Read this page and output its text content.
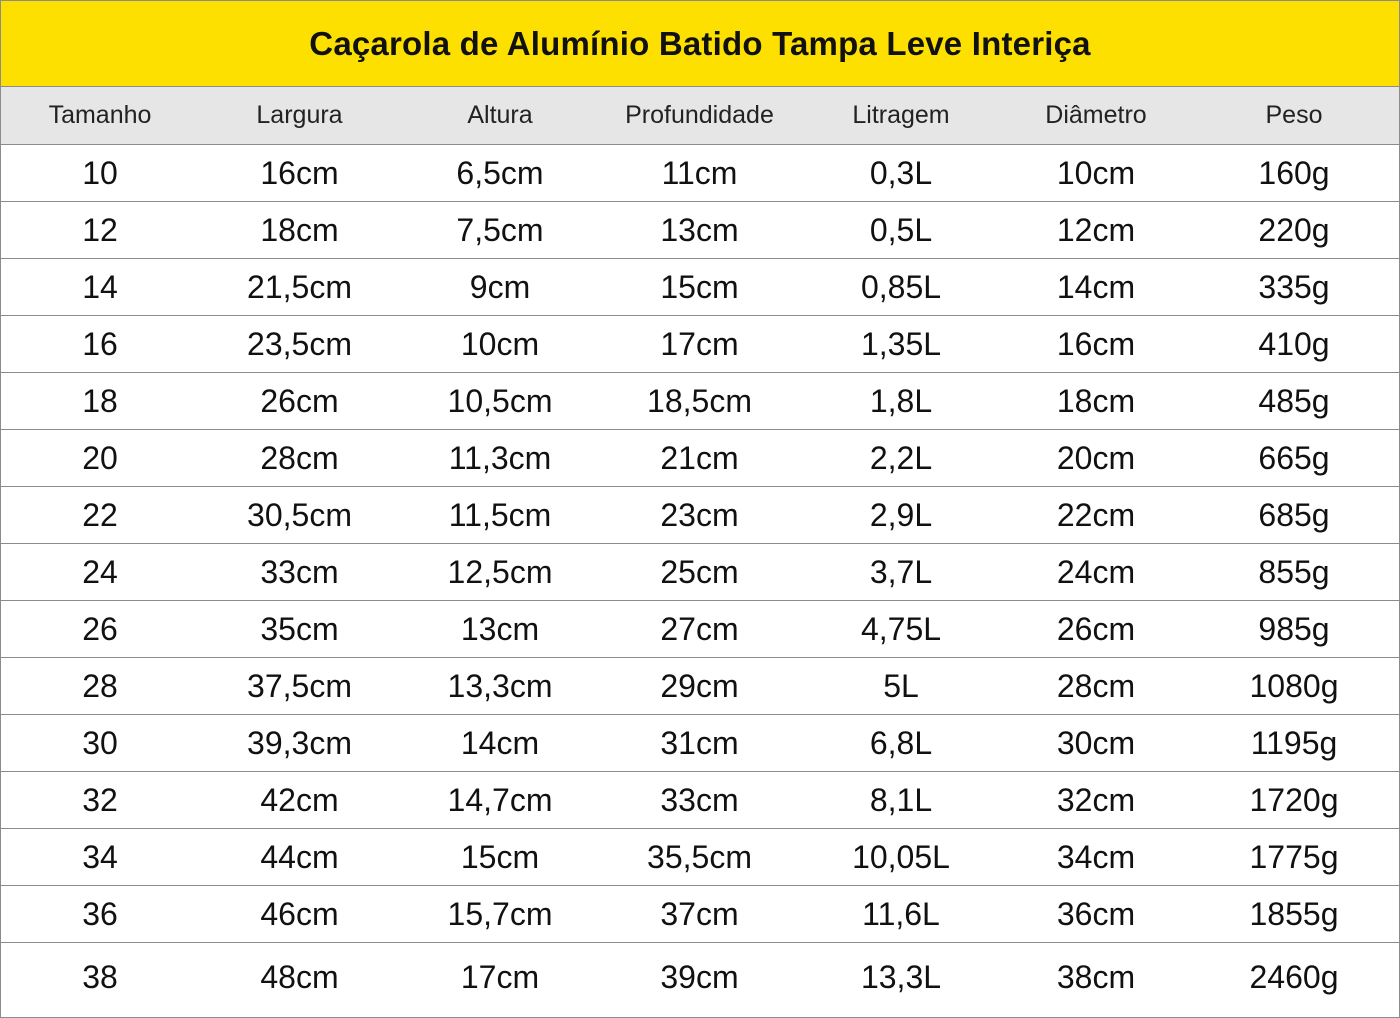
Caçarola de Alumínio Batido Tampa Leve Interiça
Tamanho	Largura	Altura	Profundidade	Litragem	Diâmetro	Peso
10	16cm	6,5cm	11cm	0,3L	10cm	160g
12	18cm	7,5cm	13cm	0,5L	12cm	220g
14	21,5cm	9cm	15cm	0,85L	14cm	335g
16	23,5cm	10cm	17cm	1,35L	16cm	410g
18	26cm	10,5cm	18,5cm	1,8L	18cm	485g
20	28cm	11,3cm	21cm	2,2L	20cm	665g
22	30,5cm	11,5cm	23cm	2,9L	22cm	685g
24	33cm	12,5cm	25cm	3,7L	24cm	855g
26	35cm	13cm	27cm	4,75L	26cm	985g
28	37,5cm	13,3cm	29cm	5L	28cm	1080g
30	39,3cm	14cm	31cm	6,8L	30cm	1195g
32	42cm	14,7cm	33cm	8,1L	32cm	1720g
34	44cm	15cm	35,5cm	10,05L	34cm	1775g
36	46cm	15,7cm	37cm	11,6L	36cm	1855g
38	48cm	17cm	39cm	13,3L	38cm	2460g
